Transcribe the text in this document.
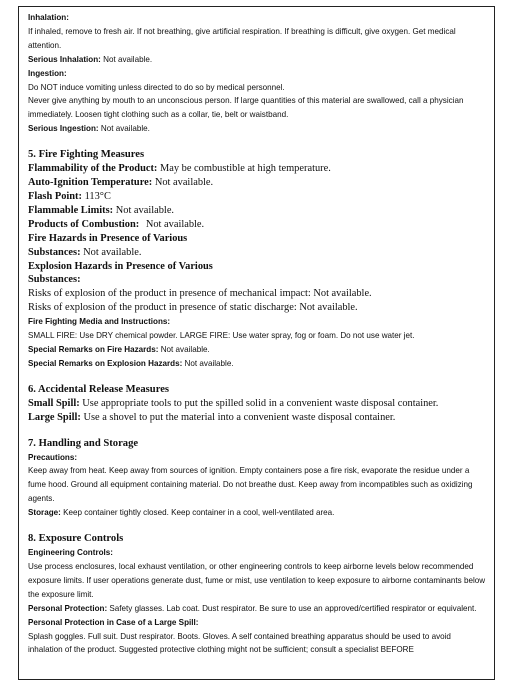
Inhalation:
If inhaled, remove to fresh air. If not breathing, give artificial respiration. If breathing is difficult, give oxygen. Get medical attention.
Serious Inhalation: Not available.
Ingestion:
Do NOT induce vomiting unless directed to do so by medical personnel.
Never give anything by mouth to an unconscious person. If large quantities of this material are swallowed, call a physician immediately. Loosen tight clothing such as a collar, tie, belt or waistband.
Serious Ingestion: Not available.
5. Fire Fighting Measures
Flammability of the Product: May be combustible at high temperature.
Auto-Ignition Temperature: Not available.
Flash Point: 113°C
Flammable Limits: Not available.
Products of Combustion: Not available.
Fire Hazards in Presence of Various
Substances: Not available.
Explosion Hazards in Presence of Various
Substances:
Risks of explosion of the product in presence of mechanical impact: Not available.
Risks of explosion of the product in presence of static discharge: Not available.
Fire Fighting Media and Instructions:
SMALL FIRE: Use DRY chemical powder. LARGE FIRE: Use water spray, fog or foam. Do not use water jet.
Special Remarks on Fire Hazards: Not available.
Special Remarks on Explosion Hazards: Not available.
6. Accidental Release Measures
Small Spill: Use appropriate tools to put the spilled solid in a convenient waste disposal container.
Large Spill: Use a shovel to put the material into a convenient waste disposal container.
7. Handling and Storage
Precautions:
Keep away from heat. Keep away from sources of ignition. Empty containers pose a fire risk, evaporate the residue under a fume hood. Ground all equipment containing material. Do not breathe dust. Keep away from incompatibles such as oxidizing agents.
Storage: Keep container tightly closed. Keep container in a cool, well-ventilated area.
8. Exposure Controls
Engineering Controls:
Use process enclosures, local exhaust ventilation, or other engineering controls to keep airborne levels below recommended exposure limits. If user operations generate dust, fume or mist, use ventilation to keep exposure to airborne contaminants below the exposure limit.
Personal Protection: Safety glasses. Lab coat. Dust respirator. Be sure to use an approved/certified respirator or equivalent.
Personal Protection in Case of a Large Spill:
Splash goggles. Full suit. Dust respirator. Boots. Gloves. A self contained breathing apparatus should be used to avoid inhalation of the product. Suggested protective clothing might not be sufficient; consult a specialist BEFORE
